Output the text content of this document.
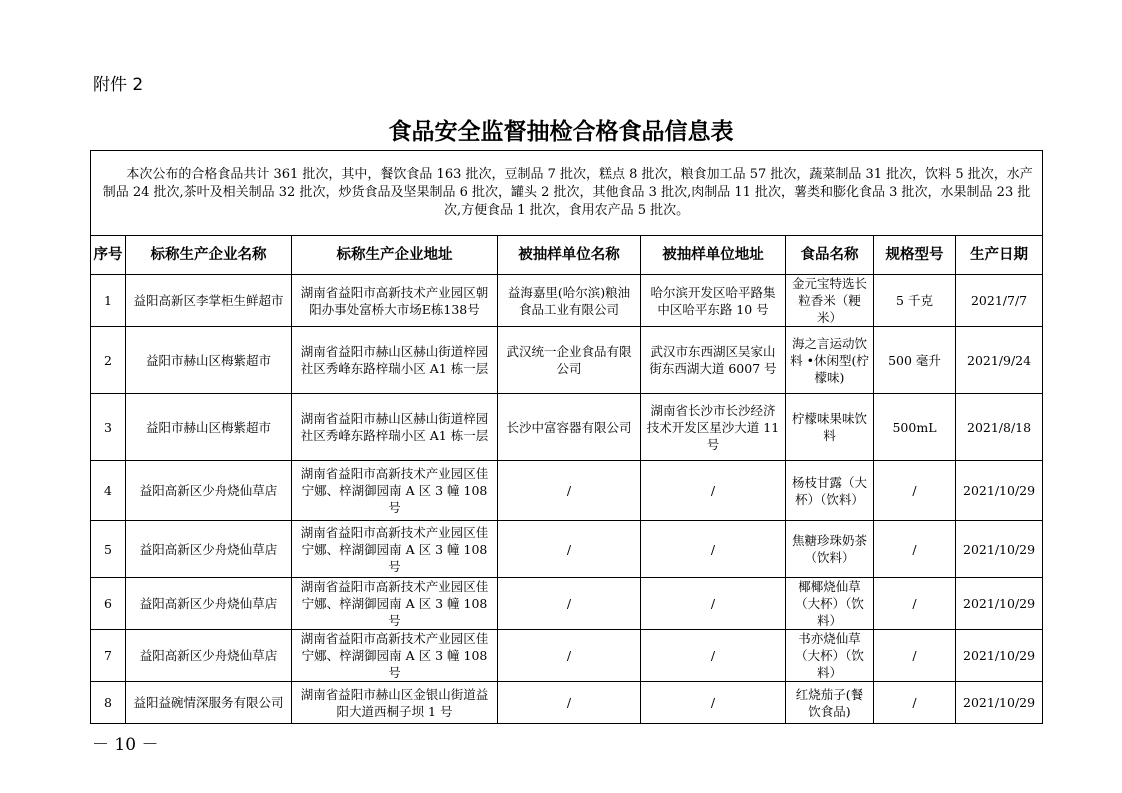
附件 2
食品安全监督抽检合格食品信息表
本次公布的合格食品共计 361 批次，其中，餐饮食品 163 批次，豆制品 7 批次，糕点 8 批次，粮食加工品 57 批次，蔬菜制品 31 批次，饮料 5 批次，水产制品 24 批次,茶叶及相关制品 32 批次，炒货食品及坚果制品 6 批次，罐头 2 批次，其他食品 3 批次,肉制品 11 批次，薯类和膨化食品 3 批次，水果制品 23 批次,方便食品 1 批次，食用农产品 5 批次。							
序号	标称生产企业名称	标称生产企业地址	被抽样单位名称	被抽样单位地址	食品名称	规格型号	生产日期
1	益阳高新区李掌柜生鲜超市	湖南省益阳市高新技术产业园区朝阳办事处富桥大市场E栋138号	益海嘉里(哈尔滨)粮油食品工业有限公司	哈尔滨开发区哈平路集中区哈平东路 10 号	金元宝特选长粒香米（粳米）	5 千克	2021/7/7
2	益阳市赫山区梅紫超市	湖南省益阳市赫山区赫山街道梓园社区秀峰东路梓瑞小区 A1 栋一层	武汉统一企业食品有限公司	武汉市东西湖区吴家山街东西湖大道 6007 号	海之言运动饮料 •休闲型(柠檬味)	500 毫升	2021/9/24
3	益阳市赫山区梅紫超市	湖南省益阳市赫山区赫山街道梓园社区秀峰东路梓瑞小区 A1 栋一层	长沙中富容器有限公司	湖南省长沙市长沙经济技术开发区星沙大道 11 号	柠檬味果味饮料	500mL	2021/8/18
4	益阳高新区少舟烧仙草店	湖南省益阳市高新技术产业园区佳宁娜、梓湖御园南 A 区 3 幢 108 号	/	/	杨枝甘露（大杯）（饮料）	/	2021/10/29
5	益阳高新区少舟烧仙草店	湖南省益阳市高新技术产业园区佳宁娜、梓湖御园南 A 区 3 幢 108 号	/	/	焦糖珍珠奶茶（饮料）	/	2021/10/29
6	益阳高新区少舟烧仙草店	湖南省益阳市高新技术产业园区佳宁娜、梓湖御园南 A 区 3 幢 108 号	/	/	椰椰烧仙草（大杯）（饮料）	/	2021/10/29
7	益阳高新区少舟烧仙草店	湖南省益阳市高新技术产业园区佳宁娜、梓湖御园南 A 区 3 幢 108 号	/	/	书亦烧仙草（大杯）（饮料）	/	2021/10/29
8	益阳益碗情深服务有限公司	湖南省益阳市赫山区金银山街道益阳大道西桐子坝 1 号	/	/	红烧茄子(餐饮食品)	/	2021/10/29
－ 10 －
